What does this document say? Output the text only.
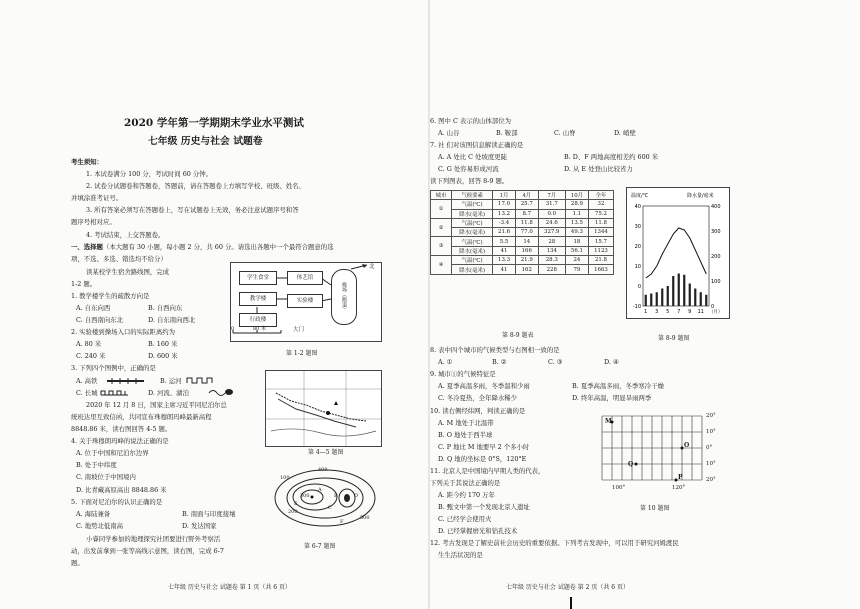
2020 学年第一学期期末学业水平测试
七年级 历史与社会 试题卷
考生须知：
1. 本试卷满分 100 分，考试时间 60 分钟。
2. 试卷分试题卷和答题卷，答题前，请在答题卷上方填写学校、班级、姓名、
并填涂准考证号。
3. 所有答案必须写在答题卷上，写在试题卷上无效，务必注意试题序号和答
题序号相对应。
4. 考试结束，上交答题卷。
一、选择题（本大题有 30 小题，每小题 2 分，共 60 分。请选出各题中一个最符合题意的选
项，不选、多选、错选均不给分）
读某校学生宿舍路线图，完成
1-2 题。
1. 教学楼学生的疏散方向是
A. 自东向西	B. 自西向东
C. 自西南向东北	D. 自东南向西北
2. 实验楼到操场入口的实际距离约为
A. 80 米	B. 160 米
C. 240 米	D. 600 米
3. 下列四个图例中，正确的是
A. 高铁	B. 运河
C. 长城	D. 河流、湖泊
2020 年 12 月 8 日，国家主席习近平同尼泊尔总
统班达里互致信函，共同宣布珠穆朗玛峰最新高程
8848.86 米，读右图回答 4-5 题。
4. 关于珠穆朗玛峰的说法正确的是
A. 位于中国和尼泊尔边界
B. 处于中纬度
C. 南坡位于中国境内
D. 比青藏高原高出 8848.86 米
5. 下面对尼泊尔的认识正确的是
A. 海陆兼备	B. 南面与印度接壤
C. 地势北低南高	D. 发达国家
小睿同学参加的地理探究社团要进行野外考察活
动，出发前拿到一张等高线示意图，读右图，完成 6-7
题。
学生食堂
教学楼
行政楼
体艺馆
实验楼	操场（跑道）
北
0	80 米	大门
第 1-2 题图
第 4—5 题图
100
400
300
200
500
A
B
C
D
E
F
第 6-7 题图
七年级 历史与社会 试题卷 第 1 页（共 6 页）
6. 图中 C 表示的山体部位为
A. 山谷	B. 鞍部	C. 山脊	D. 峭壁
7. 社 们对该图信息解读正确的是
A. A 处比 C 处坡度更陡	B. D、F 两地高度相差约 600 米
C. G 处容易形成河流	D. 从 E 处登山比较省力
读下列图表，回答 8-9 题。
城市	气候要素	1月	4月	7月	10月	全年
①	气温(℃)	17.0	25.7	31.7	28.9	32
	降水(毫米)	13.2	8.7	0.0	1.1	75.2
②	气温(℃)	-3.4	11.8	24.6	13.5	11.8
	降水(毫米)	21.6	77.0	327.9	49.3	1344
③	气温(℃)	5.5	14	28	18	15.7
	降水(毫米)	41	166	134	56.1	1123
④	气温(℃)	13.3	21.9	28.3	24	21.8
	降水(毫米)	41	162	228	79	1663
第 8-9 题表
40
30
20
10
0
-10
400
300
200
100
0
1 3 5 7 9 11 （月）
温度/℃	降水量/毫米
第 8-9 题图
8. 表中四个城市的气候类型与右图相一致的是
A. ①	B. ②	C. ③	D. ④
9. 城市①的气候特征是
A. 夏季高温多雨，冬季温和少雨	B. 夏季高温多雨，冬季寒冷干燥
C. 冬冷夏热，全年降水稀少	D. 终年高温，明显旱雨两季
10. 读右侧经纬网，判读正确的是
A. M 地处于北温带
B. O 地处于西半球
C. P 地比 M 地要早 2 个多小时
D. Q 地的坐标是 0°S，120°E
11. 北京人是中国境内早期人类的代表，
下列关于其说法正确的是
A. 距今约 170 万年
B. 甄文中第一个发现北京人遗址
C. 已经学会使用火
D. 已经掌握磨光和钻孔技术
12. 考古发现是了解史前社会历史的重要依据。下列考古发现中，可以用于研究河姆渡民
生生活状况的是
20°
10°
0°
10°
20°
100°	120°
M
Q
O
P
第 10 题图
七年级 历史与社会 试题卷 第 2 页（共 6 页）
